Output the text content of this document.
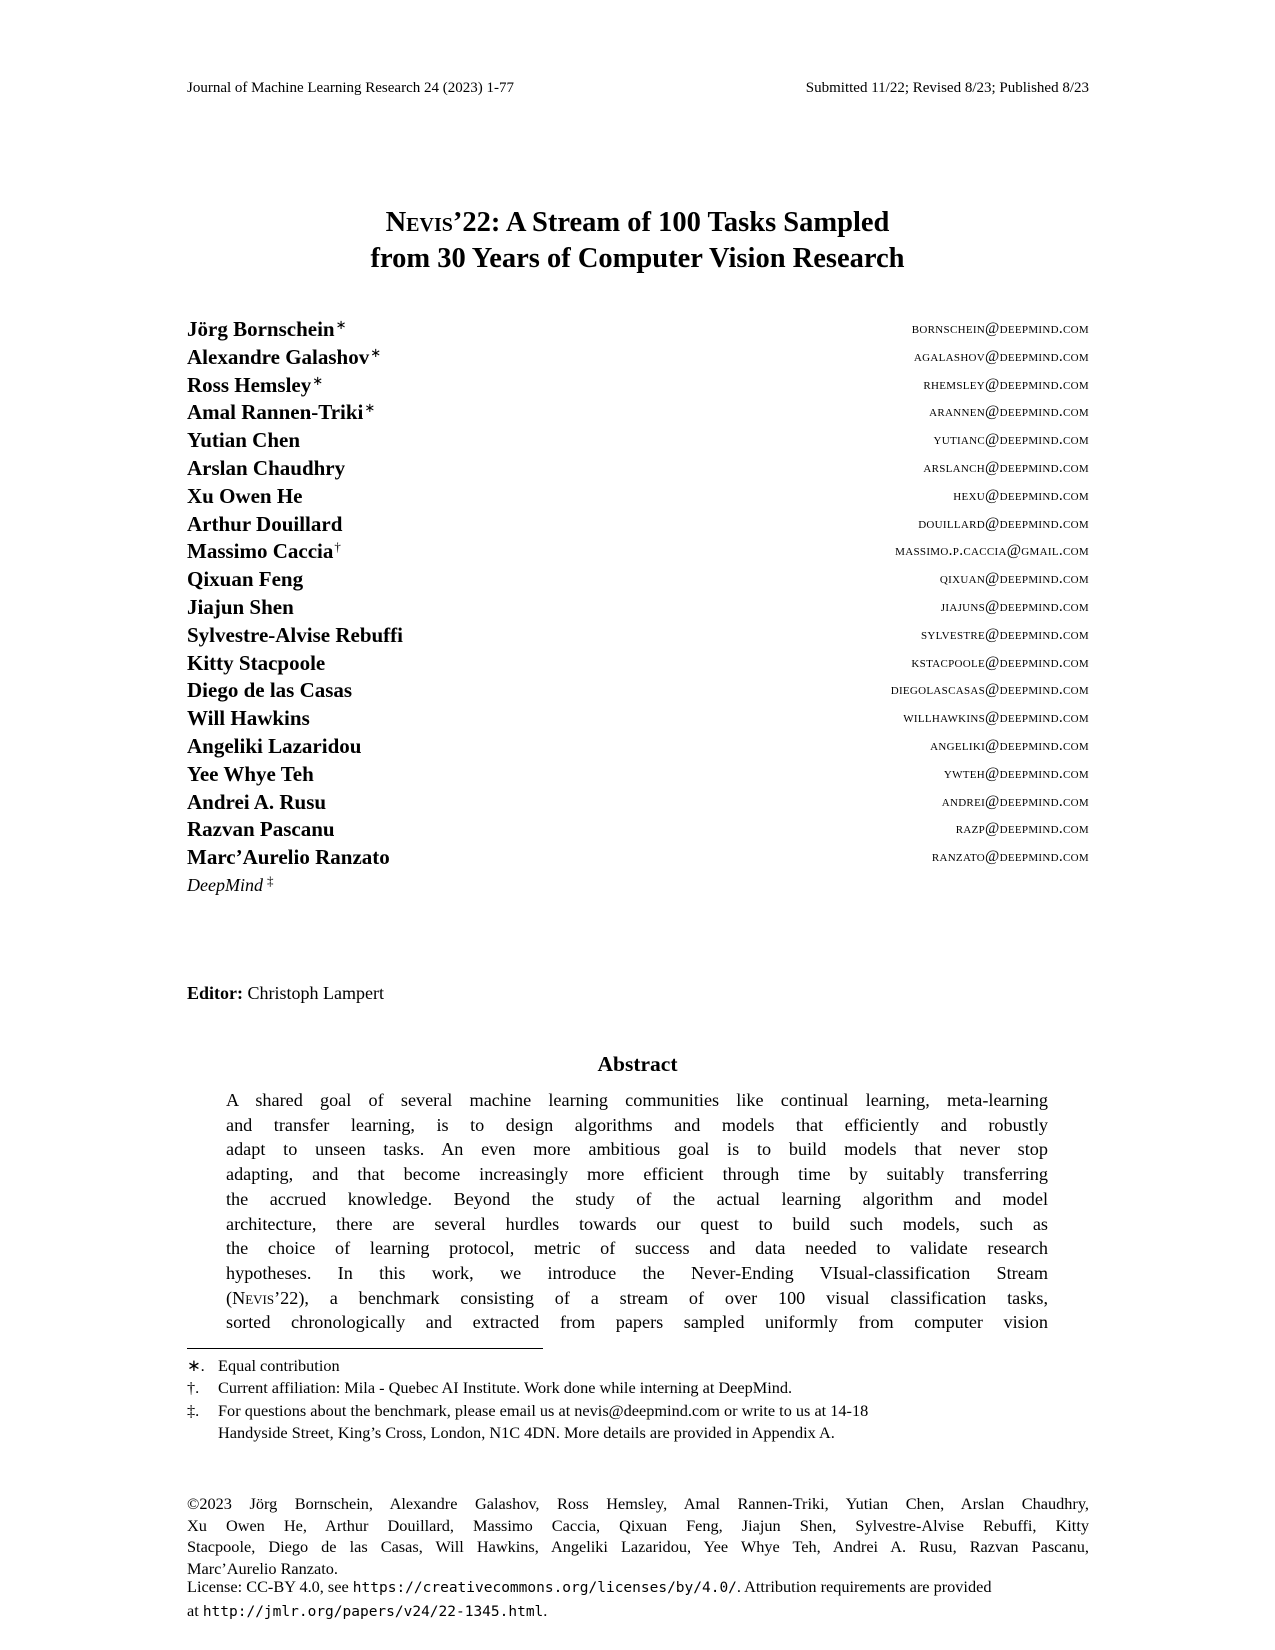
Journal of Machine Learning Research 24 (2023) 1-77	Submitted 11/22; Revised 8/23; Published 8/23
Nevis’22: A Stream of 100 Tasks Sampled
from 30 Years of Computer Vision Research
Jörg Bornschein∗	bornschein@deepmind.com
Alexandre Galashov∗	agalashov@deepmind.com
Ross Hemsley∗	rhemsley@deepmind.com
Amal Rannen-Triki∗	arannen@deepmind.com
Yutian Chen	yutianc@deepmind.com
Arslan Chaudhry	arslanch@deepmind.com
Xu Owen He	hexu@deepmind.com
Arthur Douillard	douillard@deepmind.com
Massimo Caccia†	massimo.p.caccia@gmail.com
Qixuan Feng	qixuan@deepmind.com
Jiajun Shen	jiajuns@deepmind.com
Sylvestre-Alvise Rebuffi	sylvestre@deepmind.com
Kitty Stacpoole	kstacpoole@deepmind.com
Diego de las Casas	diegolascasas@deepmind.com
Will Hawkins	willhawkins@deepmind.com
Angeliki Lazaridou	angeliki@deepmind.com
Yee Whye Teh	ywteh@deepmind.com
Andrei A. Rusu	andrei@deepmind.com
Razvan Pascanu	razp@deepmind.com
Marc’Aurelio Ranzato	ranzato@deepmind.com
DeepMind ‡
Editor: Christoph Lampert
Abstract
A shared goal of several machine learning communities like continual learning, meta-learning
and transfer learning, is to design algorithms and models that efficiently and robustly
adapt to unseen tasks. An even more ambitious goal is to build models that never stop
adapting, and that become increasingly more efficient through time by suitably transferring
the accrued knowledge. Beyond the study of the actual learning algorithm and model
architecture, there are several hurdles towards our quest to build such models, such as
the choice of learning protocol, metric of success and data needed to validate research
hypotheses. In this work, we introduce the Never-Ending VIsual-classification Stream
(Nevis’22), a benchmark consisting of a stream of over 100 visual classification tasks,
sorted chronologically and extracted from papers sampled uniformly from computer vision
∗. Equal contribution
†. Current affiliation: Mila - Quebec AI Institute. Work done while interning at DeepMind.
‡. For questions about the benchmark, please email us at nevis@deepmind.com or write to us at 14-18
Handyside Street, King’s Cross, London, N1C 4DN. More details are provided in Appendix A.
©2023 Jörg Bornschein, Alexandre Galashov, Ross Hemsley, Amal Rannen-Triki, Yutian Chen, Arslan Chaudhry,
Xu Owen He, Arthur Douillard, Massimo Caccia, Qixuan Feng, Jiajun Shen, Sylvestre-Alvise Rebuffi, Kitty
Stacpoole, Diego de las Casas, Will Hawkins, Angeliki Lazaridou, Yee Whye Teh, Andrei A. Rusu, Razvan Pascanu,
Marc’Aurelio Ranzato.
License: CC-BY 4.0, see https://creativecommons.org/licenses/by/4.0/. Attribution requirements are provided
at http://jmlr.org/papers/v24/22-1345.html.
